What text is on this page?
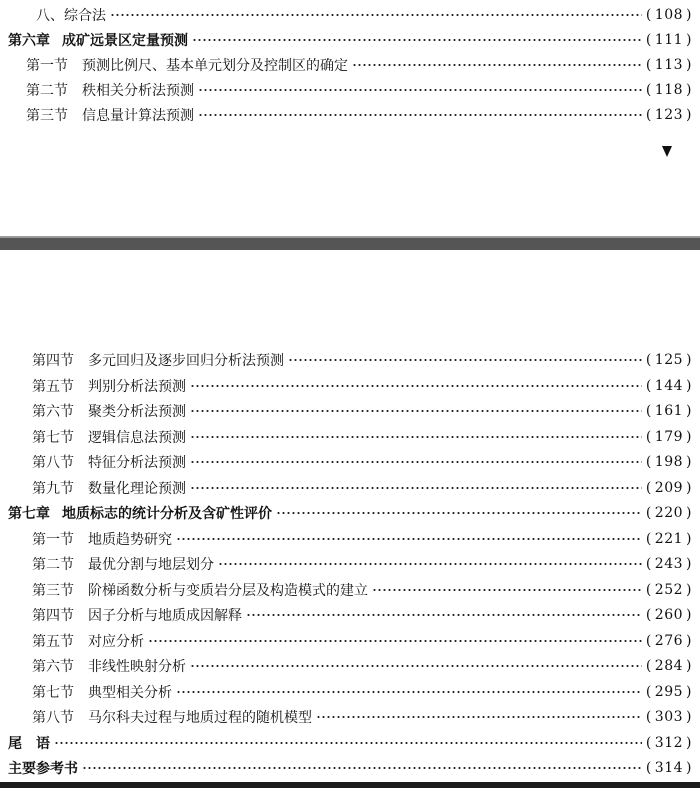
八、综合法	( 108 )
第六章 成矿远景区定量预测	( 111 )
第一节 预测比例尺、基本单元划分及控制区的确定	( 113 )
第二节 秩相关分析法预测	( 118 )
第三节 信息量计算法预测	( 123 )
第四节 多元回归及逐步回归分析法预测	( 125 )
第五节 判别分析法预测	( 144 )
第六节 聚类分析法预测	( 161 )
第七节 逻辑信息法预测	( 179 )
第八节 特征分析法预测	( 198 )
第九节 数量化理论预测	( 209 )
第七章 地质标志的统计分析及含矿性评价	( 220 )
第一节 地质趋势研究	( 221 )
第二节 最优分割与地层划分	( 243 )
第三节 阶梯函数分析与变质岩分层及构造模式的建立	( 252 )
第四节 因子分析与地质成因解释	( 260 )
第五节 对应分析	( 276 )
第六节 非线性映射分析	( 284 )
第七节 典型相关分析	( 295 )
第八节 马尔科夫过程与地质过程的随机模型	( 303 )
尾　语	( 312 )
主要参考书	( 314 )
